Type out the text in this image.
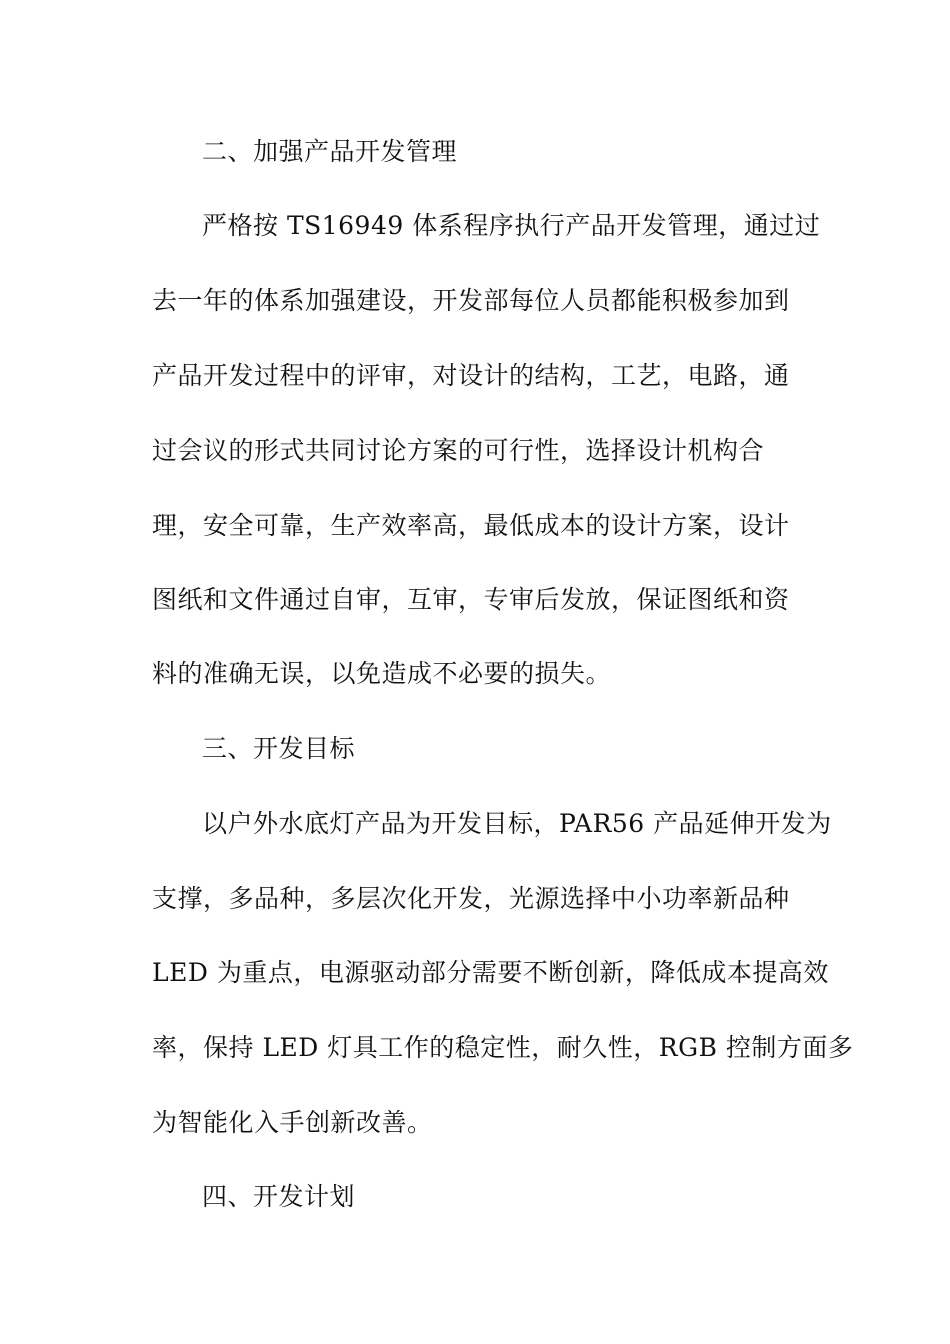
二、加强产品开发管理
严格按 TS16949 体系程序执行产品开发管理，通过过
去一年的体系加强建设，开发部每位人员都能积极参加到
产品开发过程中的评审，对设计的结构，工艺，电路，通
过会议的形式共同讨论方案的可行性，选择设计机构合
理，安全可靠，生产效率高，最低成本的设计方案，设计
图纸和文件通过自审，互审，专审后发放，保证图纸和资
料的准确无误，以免造成不必要的损失。
三、开发目标
以户外水底灯产品为开发目标，PAR56 产品延伸开发为
支撑，多品种，多层次化开发，光源选择中小功率新品种
LED 为重点，电源驱动部分需要不断创新，降低成本提高效
率，保持 LED 灯具工作的稳定性，耐久性，RGB 控制方面多
为智能化入手创新改善。
四、开发计划
